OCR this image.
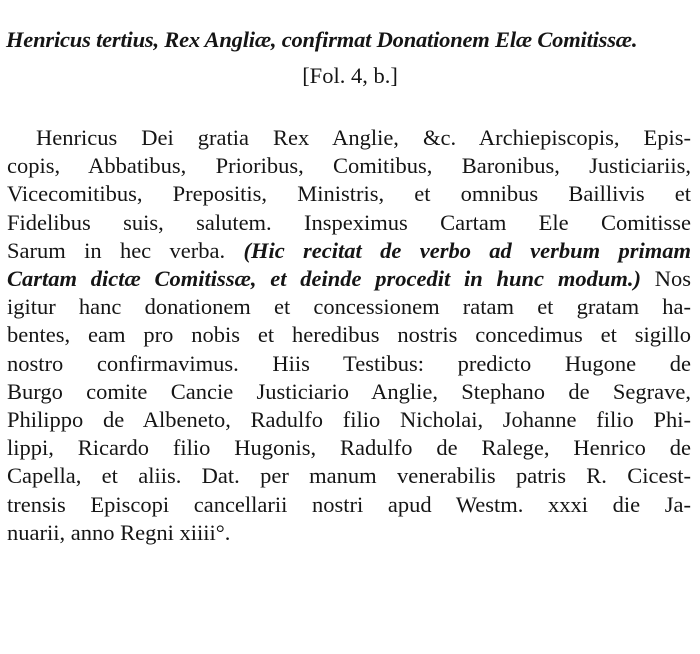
Henricus tertius, Rex Angliæ, confirmat Donationem Elæ Comitissæ.
[Fol. 4, b.]
Henricus Dei gratia Rex Anglie, &c. Archiepiscopis, Epis-
copis, Abbatibus, Prioribus, Comitibus, Baronibus, Justiciariis,
Vicecomitibus, Prepositis, Ministris, et omnibus Baillivis et
Fidelibus suis, salutem. Inspeximus Cartam Ele Comitisse
Sarum in hec verba. (Hic recitat de verbo ad verbum primam
Cartam dictæ Comitissæ, et deinde procedit in hunc modum.) Nos
igitur hanc donationem et concessionem ratam et gratam ha-
bentes, eam pro nobis et heredibus nostris concedimus et sigillo
nostro confirmavimus. Hiis Testibus: predicto Hugone de
Burgo comite Cancie Justiciario Anglie, Stephano de Segrave,
Philippo de Albeneto, Radulfo filio Nicholai, Johanne filio Phi-
lippi, Ricardo filio Hugonis, Radulfo de Ralege, Henrico de
Capella, et aliis. Dat. per manum venerabilis patris R. Cicest-
trensis Episcopi cancellarii nostri apud Westm. xxxi die Ja-
nuarii, anno Regni xiiii°.
